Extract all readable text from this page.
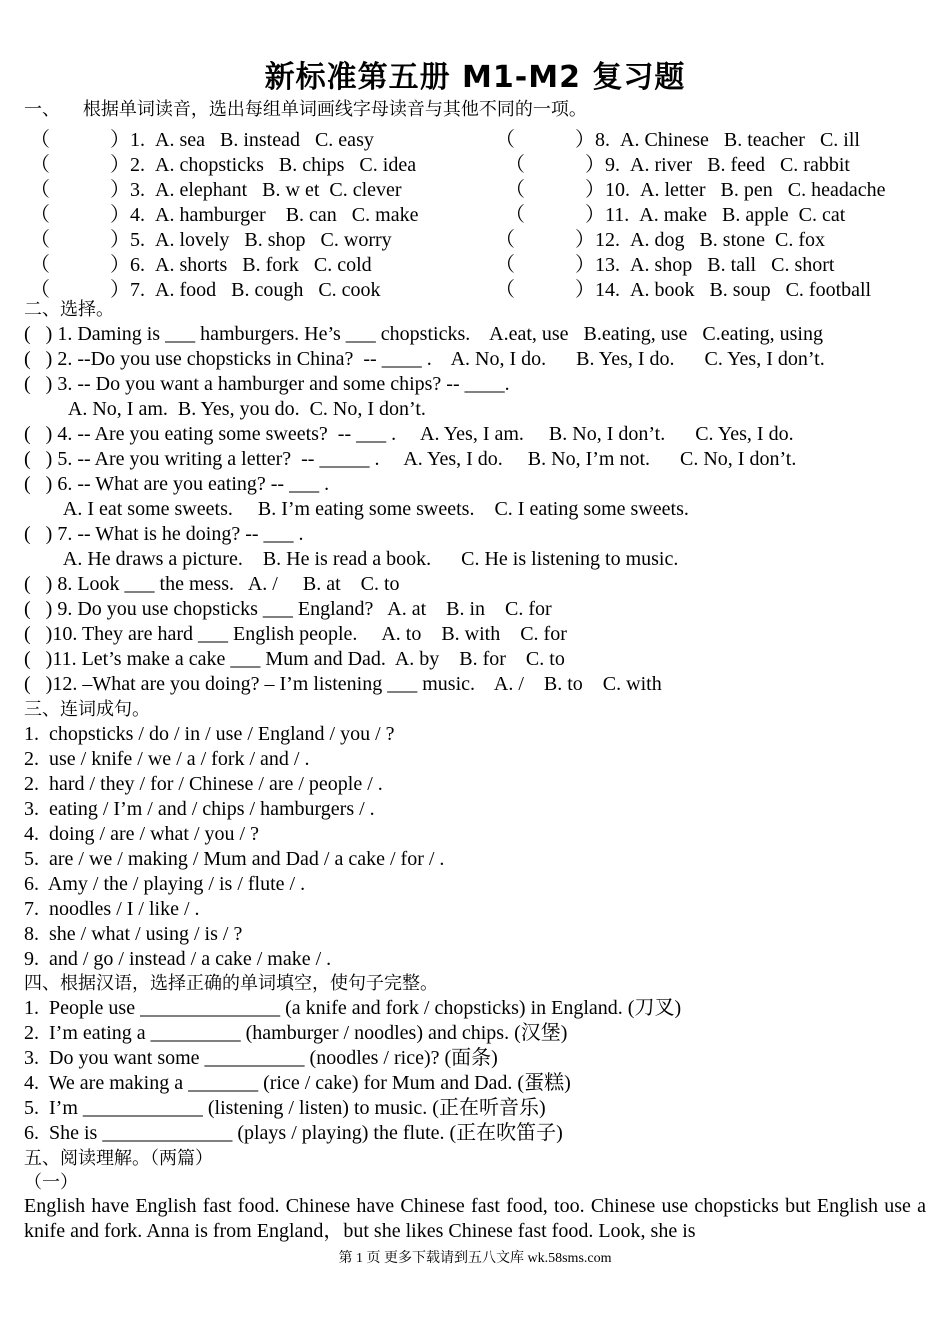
新标准第五册 M1-M2 复习题
一、    根据单词读音，选出每组单词画线字母读音与其他不同的一项。
（            ）1.  A. sea   B. instead   C. easy
（            ）2.  A. chopsticks   B. chips   C. idea
（            ）3.  A. elephant   B. w et  C. clever
（            ）4.  A. hamburger    B. can   C. make
（            ）5.  A. lovely   B. shop   C. worry
（            ）6.  A. shorts   B. fork   C. cold
（            ）7.  A. food   B. cough   C. cook
（            ）8.  A. Chinese   B. teacher   C. ill
（            ）9.  A. river   B. feed   C. rabbit
（            ）10.  A. letter   B. pen   C. headache
（            ）11.  A. make   B. apple  C. cat
（            ）12.  A. dog   B. stone  C. fox
（            ）13.  A. shop   B. tall   C. short
（            ）14.  A. book   B. soup   C. football
二、选择。
(   ) 1. Daming is ___ hamburgers. He’s ___ chopsticks.    A.eat, use   B.eating, use   C.eating, using
(   ) 2. --Do you use chopsticks in China?  -- ____ .    A. No, I do.      B. Yes, I do.      C. Yes, I don’t.
(   ) 3. -- Do you want a hamburger and some chips? -- ____.
A. No, I am.  B. Yes, you do.  C. No, I don’t.
(   ) 4. -- Are you eating some sweets?  -- ___ .     A. Yes, I am.     B. No, I don’t.      C. Yes, I do.
(   ) 5. -- Are you writing a letter?  -- _____ .     A. Yes, I do.     B. No, I’m not.      C. No, I don’t.
(   ) 6. -- What are you eating? -- ___ .
A. I eat some sweets.     B. I’m eating some sweets.    C. I eating some sweets.
(   ) 7. -- What is he doing? -- ___ .
A. He draws a picture.    B. He is read a book.      C. He is listening to music.
(   ) 8. Look ___ the mess.   A. /     B. at    C. to
(   ) 9. Do you use chopsticks ___ England?   A. at    B. in    C. for
(   )10. They are hard ___ English people.     A. to    B. with    C. for
(   )11. Let’s make a cake ___ Mum and Dad.  A. by    B. for    C. to
(   )12. –What are you doing? – I’m listening ___ music.    A. /    B. to    C. with
三、连词成句。
1.  chopsticks / do / in / use / England / you / ?
2.  use / knife / we / a / fork / and / .
2.  hard / they / for / Chinese / are / people / .
3.  eating / I’m / and / chips / hamburgers / .
4.  doing / are / what / you / ?
5.  are / we / making / Mum and Dad / a cake / for / .
6.  Amy / the / playing / is / flute / .
7.  noodles / I / like / .
8.  she / what / using / is / ?
9.  and / go / instead / a cake / make / .
四、根据汉语，选择正确的单词填空，使句子完整。
1.  People use ______________ (a knife and fork / chopsticks) in England. (刀叉)
2.  I’m eating a _________ (hamburger / noodles) and chips. (汉堡)
3.  Do you want some __________ (noodles / rice)? (面条)
4.  We are making a _______ (rice / cake) for Mum and Dad. (蛋糕)
5.  I’m ____________ (listening / listen) to music. (正在听音乐)
6.  She is _____________ (plays / playing) the flute. (正在吹笛子)
五、阅读理解。（两篇）
（一）
English have English fast food. Chinese have Chinese fast food, too. Chinese use chopsticks but English use a knife and fork. Anna is from England，but she likes Chinese fast food. Look, she is
第 1 页 更多下载请到五八文库 wk.58sms.com
